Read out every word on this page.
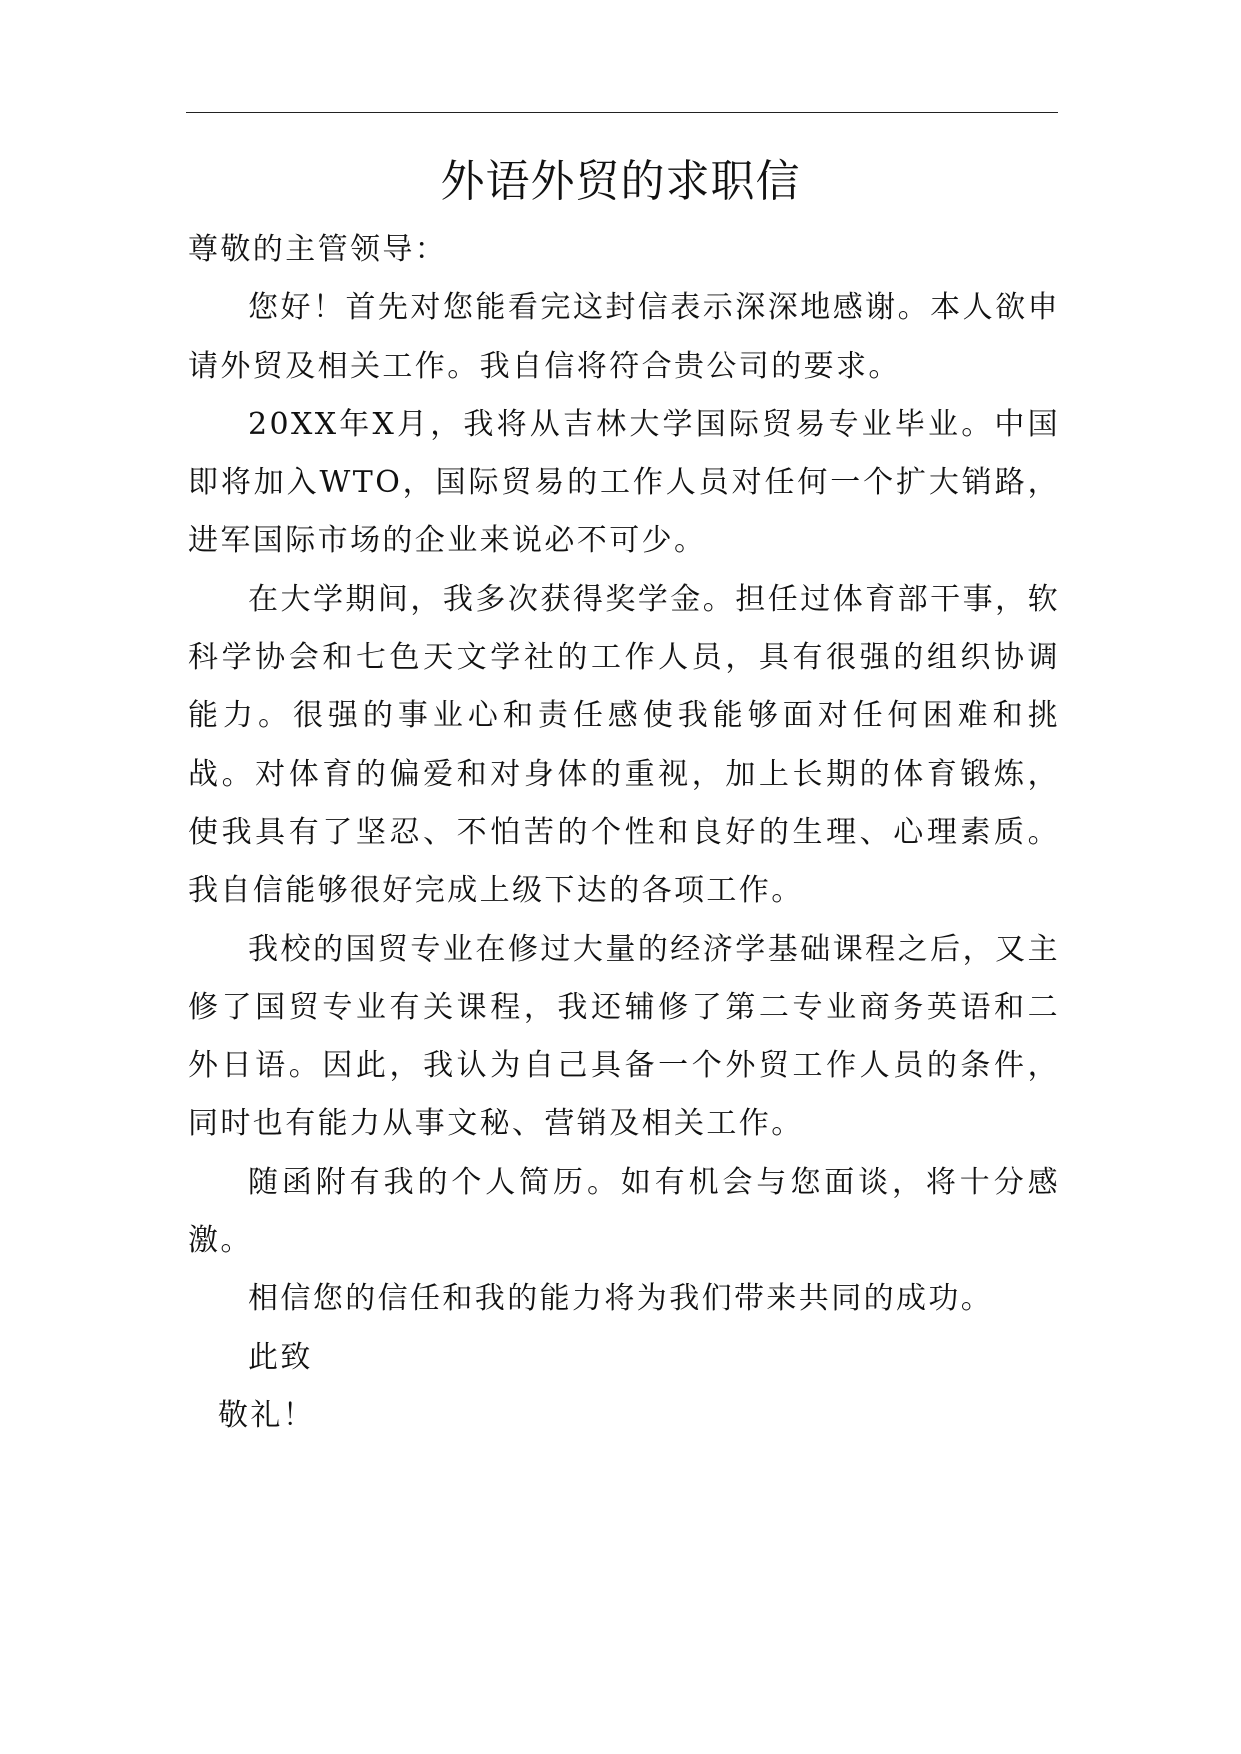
外语外贸的求职信

尊敬的主管领导：

您好！首先对您能看完这封信表示深深地感谢。本人欲申请外贸及相关工作。我自信将符合贵公司的要求。

20XX年X月，我将从吉林大学国际贸易专业毕业。中国即将加入WTO，国际贸易的工作人员对任何一个扩大销路，进军国际市场的企业来说必不可少。

在大学期间，我多次获得奖学金。担任过体育部干事，软科学协会和七色天文学社的工作人员，具有很强的组织协调能力。很强的事业心和责任感使我能够面对任何困难和挑战。对体育的偏爱和对身体的重视，加上长期的体育锻炼，使我具有了坚忍、不怕苦的个性和良好的生理、心理素质。我自信能够很好完成上级下达的各项工作。

我校的国贸专业在修过大量的经济学基础课程之后，又主修了国贸专业有关课程，我还辅修了第二专业商务英语和二外日语。因此，我认为自己具备一个外贸工作人员的条件，同时也有能力从事文秘、营销及相关工作。

随函附有我的个人简历。如有机会与您面谈，将十分感激。

相信您的信任和我的能力将为我们带来共同的成功。

此致

敬礼！
